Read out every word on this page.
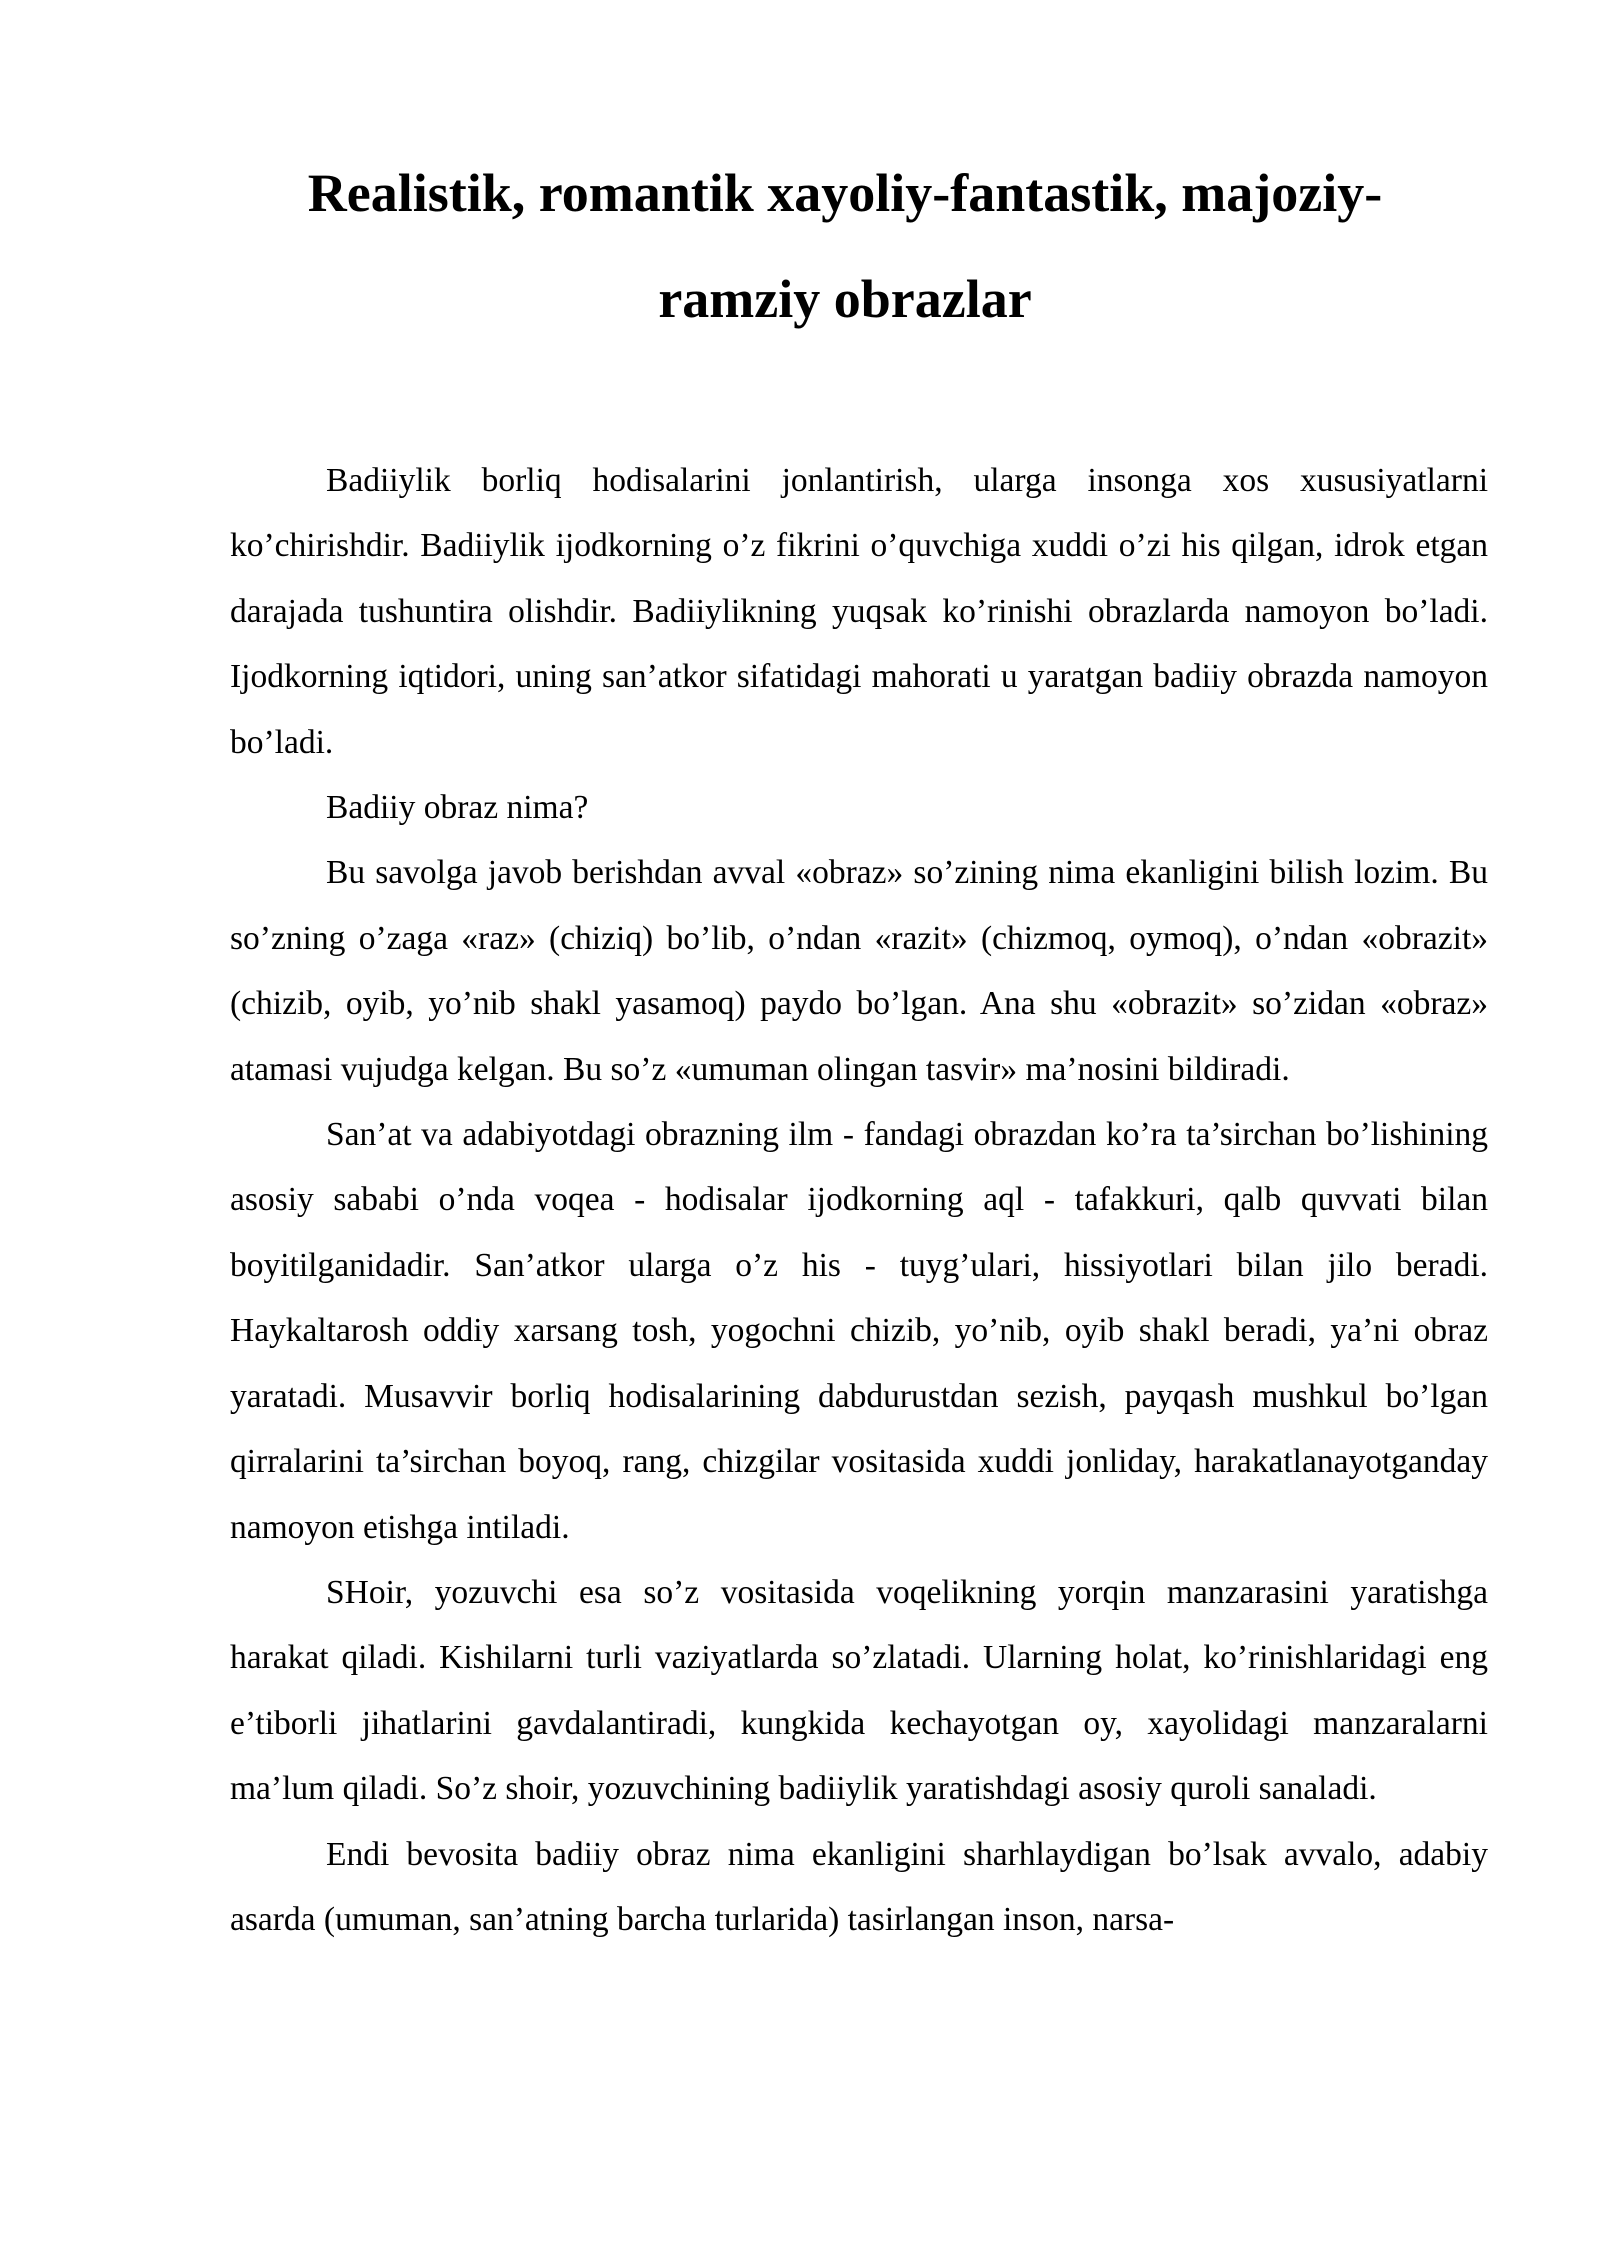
Realistik, romantik xayoliy-fantastik, majoziy-ramziy obrazlar

Badiiylik borliq hodisalarini jonlantirish, ularga insonga xos xususiyatlarni ko’chirishdir. Badiiylik ijodkorning o’z fikrini o’quvchiga xuddi o’zi his qilgan, idrok etgan darajada tushuntira olishdir. Badiiylikning yuqsak ko’rinishi obrazlarda namoyon bo’ladi. Ijodkorning iqtidori, uning san’atkor sifatidagi mahorati u yaratgan badiiy obrazda namoyon bo’ladi.

Badiiy obraz nima?

Bu savolga javob berishdan avval «obraz» so’zining nima ekanligini bilish lozim. Bu so’zning o’zaga «raz» (chiziq) bo’lib, o’ndan «razit» (chizmoq, oymoq), o’ndan «obrazit» (chizib, oyib, yo’nib shakl yasamoq) paydo bo’lgan. Ana shu «obrazit» so’zidan «obraz» atamasi vujudga kelgan. Bu so’z «umuman olingan tasvir» ma’nosini bildiradi.

San’at va adabiyotdagi obrazning ilm - fandagi obrazdan ko’ra ta’sirchan bo’lishining asosiy sababi o’nda voqea - hodisalar ijodkorning aql - tafakkuri, qalb quvvati bilan boyitilganidadir. San’atkor ularga o’z his - tuyg’ulari, hissiyotlari bilan jilo beradi. Haykaltarosh oddiy xarsang tosh, yogochni chizib, yo’nib, oyib shakl beradi, ya’ni obraz yaratadi. Musavvir borliq hodisalarining dabdurustdan sezish, payqash mushkul bo’lgan qirralarini ta’sirchan boyoq, rang, chizgilar vositasida xuddi jonliday, harakatlanayotganday namoyon etishga intiladi.

SHoir, yozuvchi esa so’z vositasida voqelikning yorqin manzarasini yaratishga harakat qiladi. Kishilarni turli vaziyatlarda so’zlatadi. Ularning holat, ko’rinishlaridagi eng e’tiborli jihatlarini gavdalantiradi, kungkida kechayotgan oy, xayolidagi manzaralarni ma’lum qiladi. So’z shoir, yozuvchining badiiylik yaratishdagi asosiy quroli sanaladi.

Endi bevosita badiiy obraz nima ekanligini sharhlaydigan bo’lsak avvalo, adabiy asarda (umuman, san’atning barcha turlarida) tasirlangan inson, narsa-
